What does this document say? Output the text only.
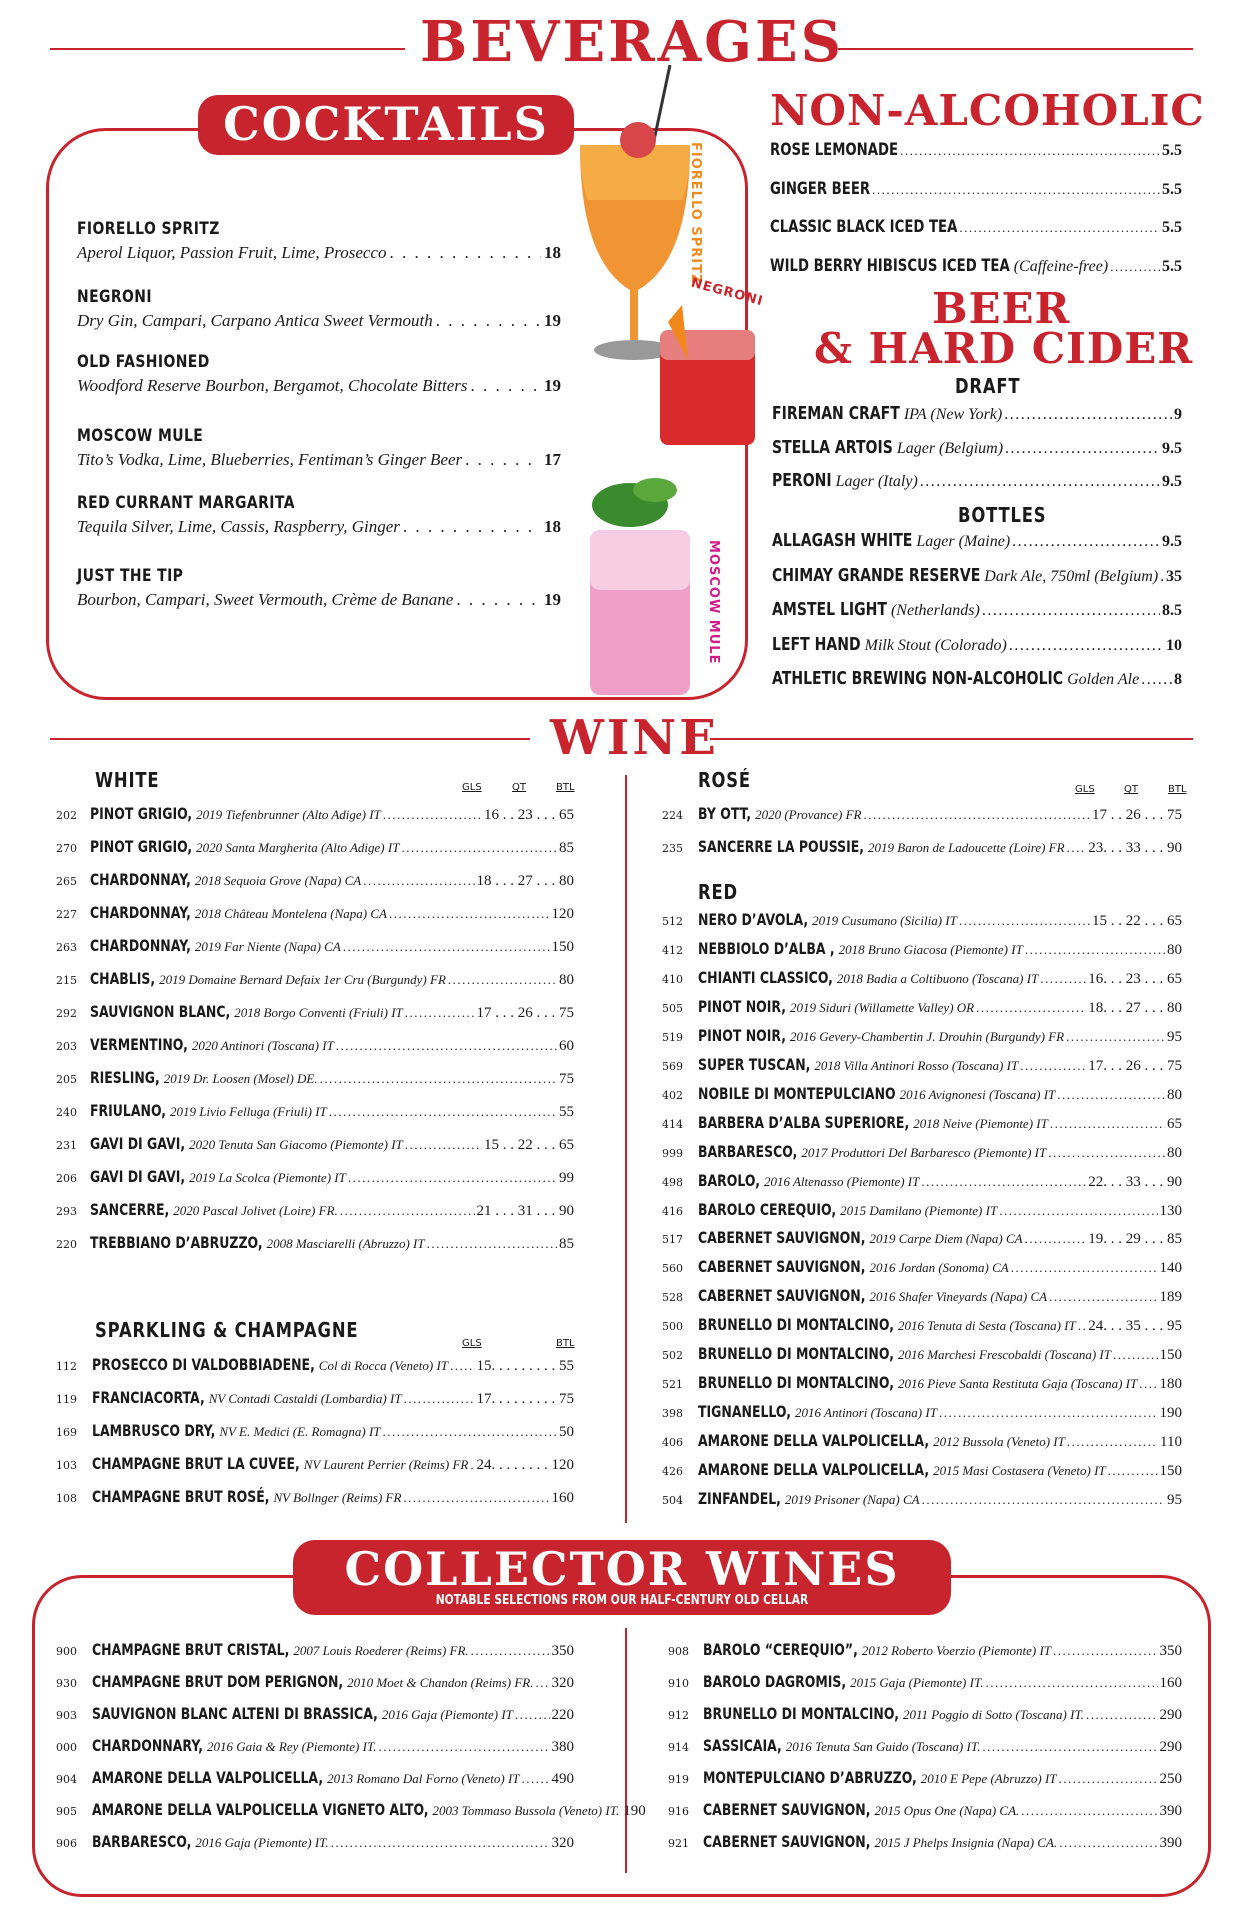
BEVERAGES
COCKTAILS
FIORELLO SPRITZ
Aperol Liquor, Passion Fruit, Lime, Prosecco . . .	18
NEGRONI
Dry Gin, Campari, Carpano Antica Sweet Vermouth . . .	19
OLD FASHIONED
Woodford Reserve Bourbon, Bergamot, Chocolate Bitters . . .	19
MOSCOW MULE
Tito’s Vodka, Lime, Blueberries, Fentiman’s Ginger Beer . . .	17
RED CURRANT MARGARITA
Tequila Silver, Lime, Cassis, Raspberry, Ginger . . .	18
JUST THE TIP
Bourbon, Campari, Sweet Vermouth, Crème de Banane . . .	19
FIORELLO SPRITZ
NEGRONI
MOSCOW MULE
NON-ALCOHOLIC
ROSE LEMONADE .....	5.5
GINGER BEER .....	5.5
CLASSIC BLACK ICED TEA .....	5.5
WILD BERRY HIBISCUS ICED TEA (Caffeine-free) .....	5.5
BEER
& HARD CIDER
DRAFT
FIREMAN CRAFT IPA (New York) .....	9
STELLA ARTOIS Lager (Belgium) .....	9.5
PERONI Lager (Italy) .....	9.5
BOTTLES
ALLAGASH WHITE Lager (Maine) .....	9.5
CHIMAY GRANDE RESERVE Dark Ale, 750ml (Belgium) ..... 35
AMSTEL LIGHT (Netherlands) .....	8.5
LEFT HAND Milk Stout (Colorado) .....	10
ATHLETIC BREWING NON-ALCOHOLIC Golden Ale ..... 8
WINE
WHITE	GLS	QT	BTL
202 PINOT GRIGIO, 2019 Tiefenbrunner (Alto Adige) IT .....	16 . . 23 . . . 65
270 PINOT GRIGIO, 2020 Santa Margherita (Alto Adige) IT .....	85
265 CHARDONNAY, 2018 Sequoia Grove (Napa) CA .....	18 . . . 27 . . . 80
227 CHARDONNAY, 2018 Château Montelena (Napa) CA .....	120
263 CHARDONNAY, 2019 Far Niente (Napa) CA .....	150
215 CHABLIS, 2019 Domaine Bernard Defaix 1er Cru (Burgundy) FR .....	80
292 SAUVIGNON BLANC, 2018 Borgo Conventi (Friuli) IT .....	17 . . . 26 . . . 75
203 VERMENTINO, 2020 Antinori (Toscana) IT .....	60
205 RIESLING, 2019 Dr. Loosen (Mosel) DE. .....	75
240 FRIULANO, 2019 Livio Felluga (Friuli) IT .....	55
231 GAVI DI GAVI, 2020 Tenuta San Giacomo (Piemonte) IT .....	15 . . 22 . . . 65
206 GAVI DI GAVI, 2019 La Scolca (Piemonte) IT .....	99
293 SANCERRE, 2020 Pascal Jolivet (Loire) FR. .....	21 . . . 31 . . . 90
220 TREBBIANO D’ABRUZZO, 2008 Masciarelli (Abruzzo) IT .....	85
SPARKLING & CHAMPAGNE
GLS	BTL
112 PROSECCO DI VALDOBBIADENE, Col di Rocca (Veneto) IT ..... 15. . . . . . . . . 55
119 FRANCIACORTA, NV Contadi Castaldi (Lombardia) IT .....	17. . . . . . . . . 75
169 LAMBRUSCO DRY, NV E. Medici (E. Romagna) IT .....	50
103 CHAMPAGNE BRUT LA CUVEE, NV Laurent Perrier (Reims) FR ..... 24. . . . . . . . 120
108 CHAMPAGNE BRUT ROSÉ, NV Bollnger (Reims) FR .....	160
ROSÉ	GLS	QT	BTL
224 BY OTT, 2020 (Provance) FR .....	17 . . 26 . . . 75
235 SANCERRE LA POUSSIE, 2019 Baron de Ladoucette (Loire) FR ..... 23. . . 33 . . . 90
RED
512 NERO D’AVOLA, 2019 Cusumano (Sicilia) IT .....	15 . . 22 . . . 65
412 NEBBIOLO D’ALBA , 2018 Bruno Giacosa (Piemonte) IT .....	80
410 CHIANTI CLASSICO, 2018 Badia a Coltibuono (Toscana) IT .....	16. . . 23 . . . 65
505 PINOT NOIR, 2019 Siduri (Willamette Valley) OR .....	18. . . 27 . . . 80
519 PINOT NOIR, 2016 Gevery-Chambertin J. Drouhin (Burgundy) FR .....	95
569 SUPER TUSCAN, 2018 Villa Antinori Rosso (Toscana) IT .....	17. . . 26 . . . 75
402 NOBILE DI MONTEPULCIANO 2016 Avignonesi (Toscana) IT .....	80
414 BARBERA D’ALBA SUPERIORE, 2018 Neive (Piemonte) IT .....	65
999 BARBARESCO, 2017 Produttori Del Barbaresco (Piemonte) IT .....	80
498 BAROLO, 2016 Altenasso (Piemonte) IT .....	22. . . 33 . . . 90
416 BAROLO CEREQUIO, 2015 Damilano (Piemonte) IT .....	130
517 CABERNET SAUVIGNON, 2019 Carpe Diem (Napa) CA .....	19. . . 29 . . . 85
560 CABERNET SAUVIGNON, 2016 Jordan (Sonoma) CA .....	140
528 CABERNET SAUVIGNON, 2016 Shafer Vineyards (Napa) CA .....	189
500 BRUNELLO DI MONTALCINO, 2016 Tenuta di Sesta (Toscana) IT ..... 24. . . 35 . . . 95
502 BRUNELLO DI MONTALCINO, 2016 Marchesi Frescobaldi (Toscana) IT .....	150
521 BRUNELLO DI MONTALCINO, 2016 Pieve Santa Restituta Gaja (Toscana) IT ..... 180
398 TIGNANELLO, 2016 Antinori (Toscana) IT .....	190
406 AMARONE DELLA VALPOLICELLA, 2012 Bussola (Veneto) IT .....	110
426 AMARONE DELLA VALPOLICELLA, 2015 Masi Costasera (Veneto) IT .....	150
504 ZINFANDEL, 2019 Prisoner (Napa) CA .....	95
COLLECTOR WINES
NOTABLE SELECTIONS FROM OUR HALF-CENTURY OLD CELLAR
900 CHAMPAGNE BRUT CRISTAL, 2007 Louis Roederer (Reims) FR. .....	350
930 CHAMPAGNE BRUT DOM PERIGNON, 2010 Moet & Chandon (Reims) FR. ..... 320
903 SAUVIGNON BLANC ALTENI DI BRASSICA, 2016 Gaja (Piemonte) IT .....	220
000 CHARDONNARY, 2016 Gaia & Rey (Piemonte) IT. .....	380
904 AMARONE DELLA VALPOLICELLA, 2013 Romano Dal Forno (Veneto) IT ..... 490
905 AMARONE DELLA VALPOLICELLA VIGNETO ALTO, 2003 Tommaso Bussola (Veneto) IT. 190
906 BARBARESCO, 2016 Gaja (Piemonte) IT. .....	320
908 BAROLO “CEREQUIO”, 2012 Roberto Voerzio (Piemonte) IT .....	350
910 BAROLO DAGROMIS, 2015 Gaja (Piemonte) IT. .....	160
912 BRUNELLO DI MONTALCINO, 2011 Poggio di Sotto (Toscana) IT. .....	290
914 SASSICAIA, 2016 Tenuta San Guido (Toscana) IT. .....	290
919 MONTEPULCIANO D’ABRUZZO, 2010 E Pepe (Abruzzo) IT .....	250
916 CABERNET SAUVIGNON, 2015 Opus One (Napa) CA. .....	390
921 CABERNET SAUVIGNON, 2015 J Phelps Insignia (Napa) CA. .....	390
